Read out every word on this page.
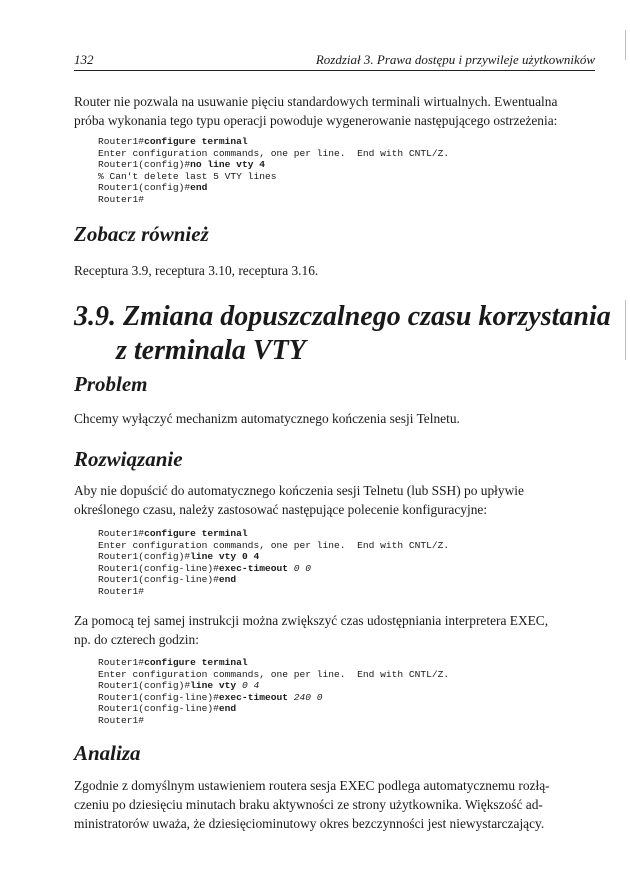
132	Rozdział 3. Prawa dostępu i przywileje użytkowników
Router nie pozwala na usuwanie pięciu standardowych terminali wirtualnych. Ewentualna
próba wykonania tego typu operacji powoduje wygenerowanie następującego ostrzeżenia:
Router1#configure terminal
Enter configuration commands, one per line.  End with CNTL/Z.
Router1(config)#no line vty 4
% Can't delete last 5 VTY lines
Router1(config)#end
Router1#
Zobacz również
Receptura 3.9, receptura 3.10, receptura 3.16.
3.9. Zmiana dopuszczalnego czasu korzystania
z terminala VTY
Problem
Chcemy wyłączyć mechanizm automatycznego kończenia sesji Telnetu.
Rozwiązanie
Aby nie dopuścić do automatycznego kończenia sesji Telnetu (lub SSH) po upływie
określonego czasu, należy zastosować następujące polecenie konfiguracyjne:
Router1#configure terminal
Enter configuration commands, one per line.  End with CNTL/Z.
Router1(config)#line vty 0 4
Router1(config-line)#exec-timeout 0 0
Router1(config-line)#end
Router1#
Za pomocą tej samej instrukcji można zwiększyć czas udostępniania interpretera EXEC,
np. do czterech godzin:
Router1#configure terminal
Enter configuration commands, one per line.  End with CNTL/Z.
Router1(config)#line vty 0 4
Router1(config-line)#exec-timeout 240 0
Router1(config-line)#end
Router1#
Analiza
Zgodnie z domyślnym ustawieniem routera sesja EXEC podlega automatycznemu rozłą-
czeniu po dziesięciu minutach braku aktywności ze strony użytkownika. Większość ad-
ministratorów uważa, że dziesięciominutowy okres bezczynności jest niewystarczający.
